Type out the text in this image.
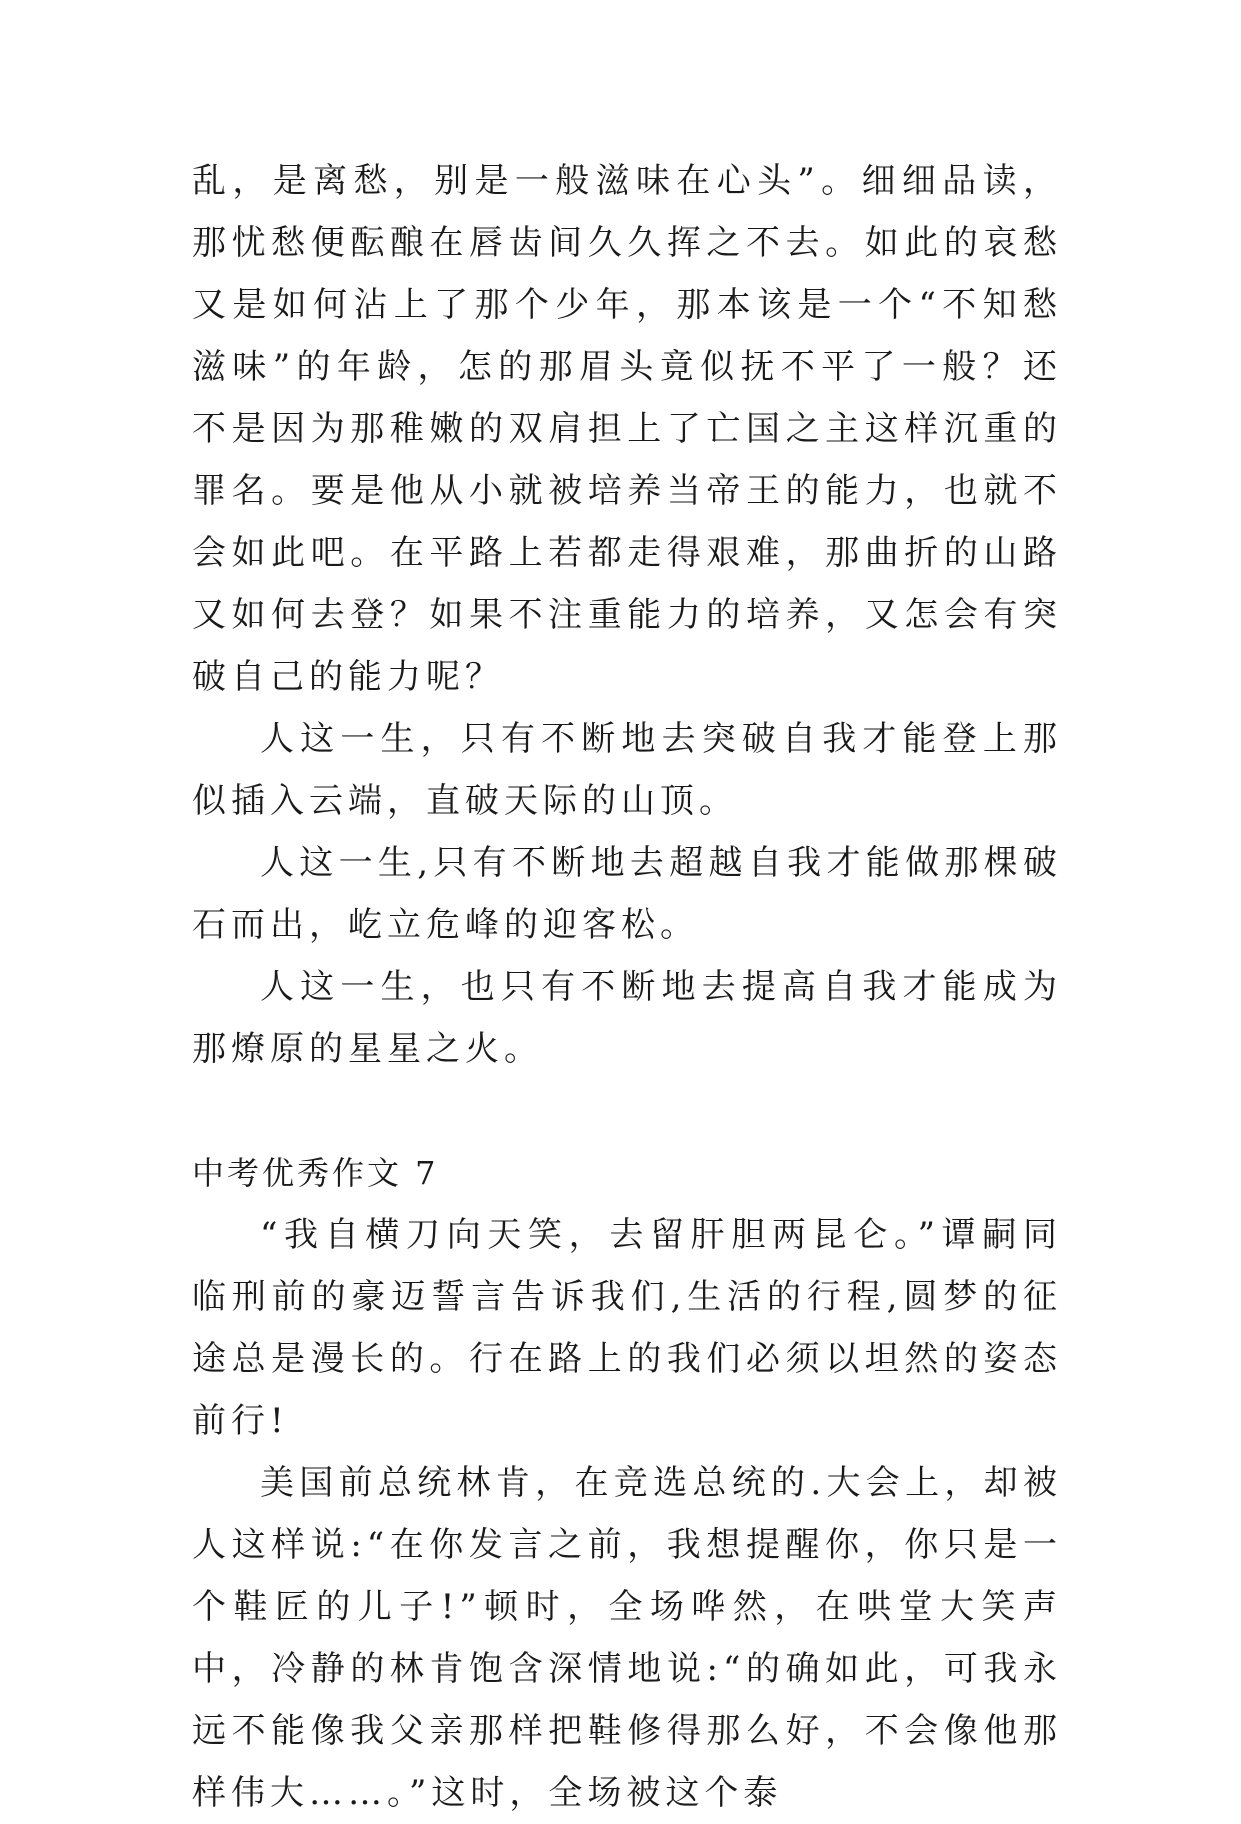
乱，是离愁，别是一般滋味在心头”。细细品读，那忧愁便酝酿在唇齿间久久挥之不去。如此的哀愁又是如何沾上了那个少年，那本该是一个“不知愁滋味”的年龄，怎的那眉头竟似抚不平了一般？还不是因为那稚嫩的双肩担上了亡国之主这样沉重的罪名。要是他从小就被培养当帝王的能力，也就不会如此吧。在平路上若都走得艰难，那曲折的山路又如何去登？如果不注重能力的培养，又怎会有突破自己的能力呢？

人这一生，只有不断地去突破自我才能登上那似插入云端，直破天际的山顶。

人这一生,只有不断地去超越自我才能做那棵破石而出，屹立危峰的迎客松。

人这一生，也只有不断地去提高自我才能成为那燎原的星星之火。

中考优秀作文 7

“我自横刀向天笑，去留肝胆两昆仑。”谭嗣同临刑前的豪迈誓言告诉我们,生活的行程,圆梦的征途总是漫长的。行在路上的我们必须以坦然的姿态前行!

美国前总统林肯，在竞选总统的.大会上，却被人这样说:“在你发言之前，我想提醒你，你只是一个鞋匠的儿子!”顿时，全场哗然，在哄堂大笑声中，冷静的林肯饱含深情地说:“的确如此，可我永远不能像我父亲那样把鞋修得那么好，不会像他那样伟大……。”这时，全场被这个泰
